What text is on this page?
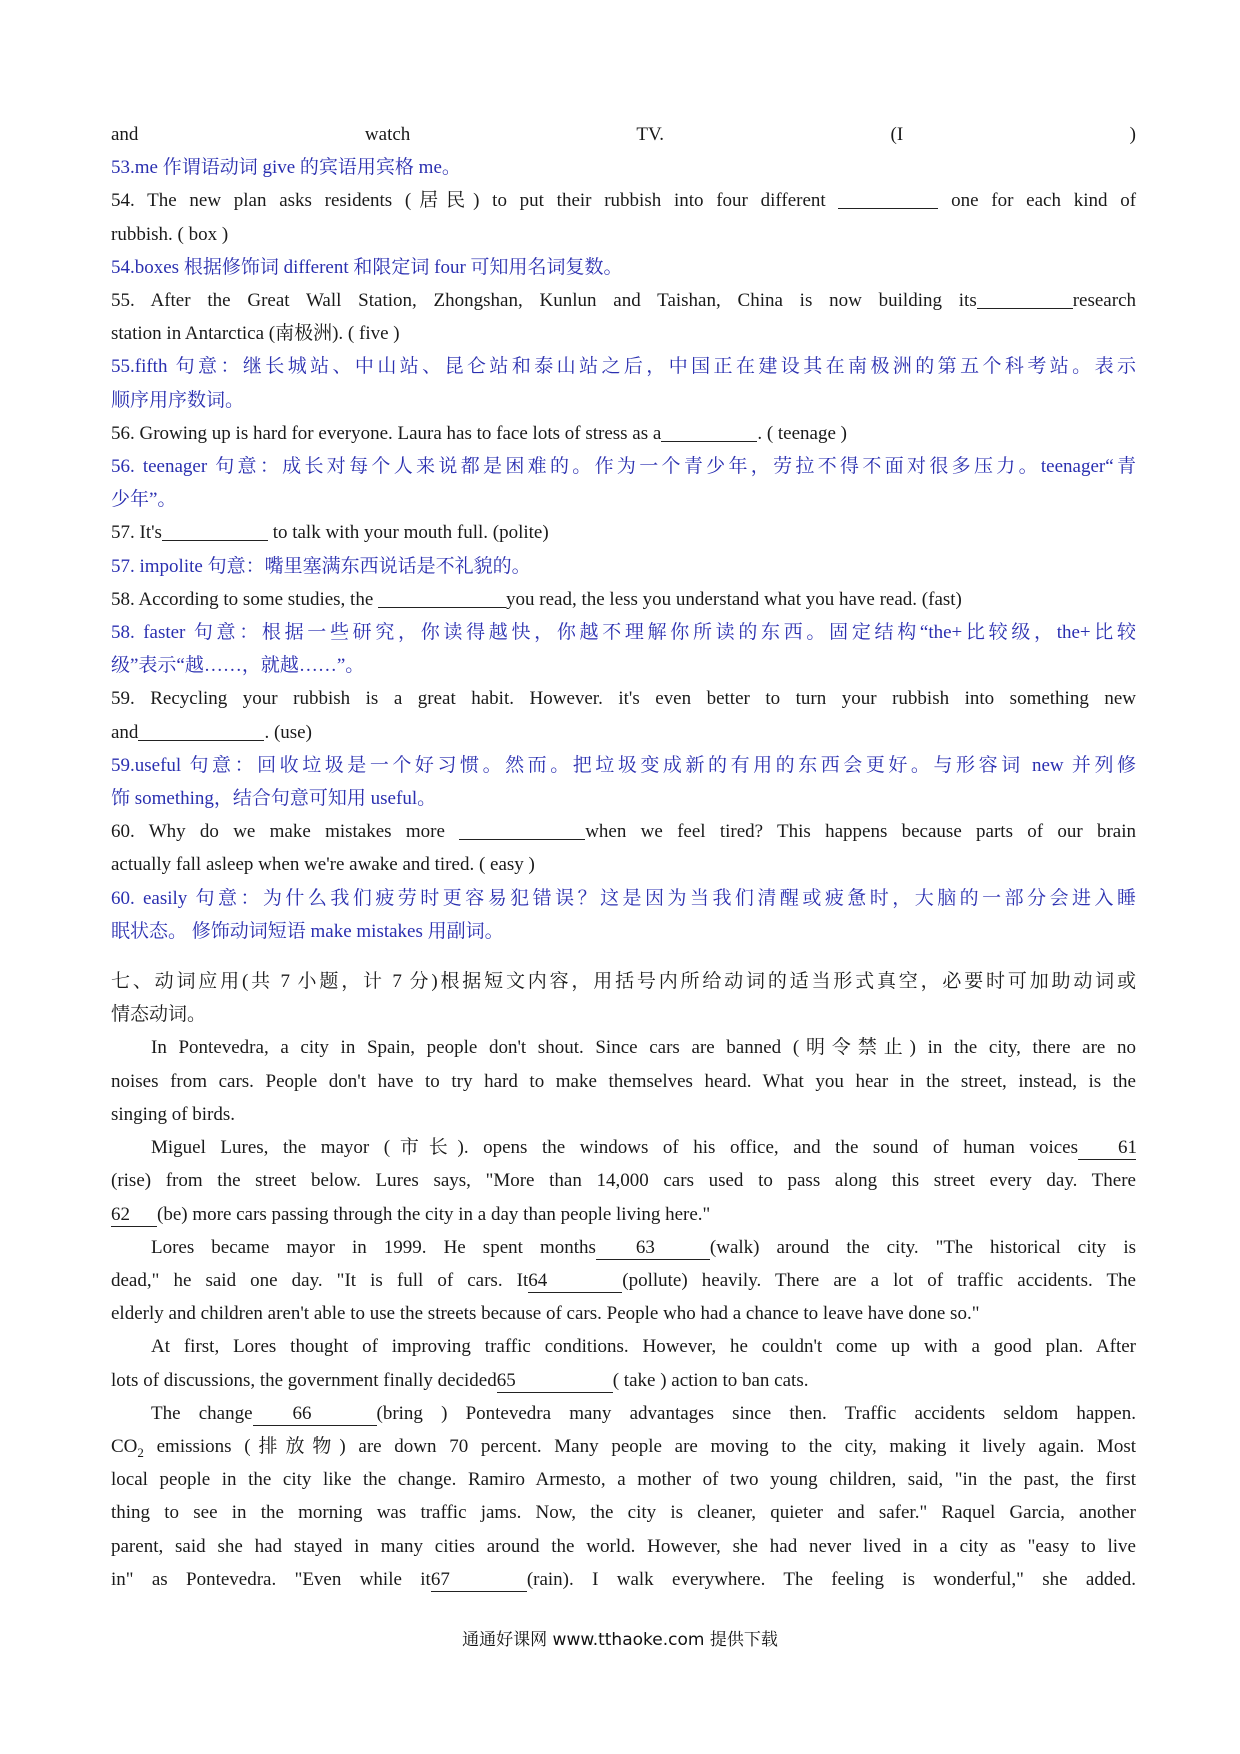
and watch TV. (I )
53.me 作谓语动词 give 的宾语用宾格 me。
54. The new plan asks residents (居民) to put their rubbish into four different	one for each kind of
rubbish. ( box )
54.boxes 根据修饰词 different 和限定词 four 可知用名词复数。
55. After the Great Wall Station, Zhongshan, Kunlun and Taishan, China is now building its	research
station in Antarctica (南极洲). ( five )
55.fifth 句意：继长城站、中山站、昆仑站和泰山站之后，中国正在建设其在南极洲的第五个科考站。表示
顺序用序数词。
56. Growing up is hard for everyone. Laura has to face lots of stress as a	. ( teenage )
56. teenager 句意：成长对每个人来说都是困难的。作为一个青少年，劳拉不得不面对很多压力。teenager“青
少年”。
57. It's	to talk with your mouth full. (polite)
57. impolite 句意：嘴里塞满东西说话是不礼貌的。
58. According to some studies, the	you read, the less you understand what you have read. (fast)
58. faster 句意：根据一些研究，你读得越快，你越不理解你所读的东西。固定结构“the+比较级，the+比较
级”表示“越……，就越……”。
59. Recycling your rubbish is a great habit. However. it's even better to turn your rubbish into something new
and	. (use)
59.useful 句意：回收垃圾是一个好习惯。然而。把垃圾变成新的有用的东西会更好。与形容词 new 并列修
饰 something，结合句意可知用 useful。
60. Why do we make mistakes more	when we feel tired? This happens because parts of our brain
actually fall asleep when we're awake and tired. ( easy )
60. easily 句意：为什么我们疲劳时更容易犯错误？这是因为当我们清醒或疲惫时，大脑的一部分会进入睡
眠状态。 修饰动词短语 make mistakes 用副词。
七、动词应用(共 7 小题，计 7 分)根据短文内容，用括号内所给动词的适当形式真空，必要时可加助动词或
情态动词。
In Pontevedra, a city in Spain, people don't shout. Since cars are banned (明令禁止) in the city, there are no
noises from cars. People don't have to try hard to make themselves heard. What you hear in the street, instead, is the
singing of birds.
Miguel Lures, the mayor (市长). opens the windows of his office, and the sound of human voices 61
(rise) from the street below. Lures says, "More than 14,000 cars used to pass along this street every day. There
62 (be) more cars passing through the city in a day than people living here."
Lores became mayor in 1999. He spent months 63	(walk) around the city. "The historical city is
dead," he said one day. "It is full of cars. It64	(pollute) heavily. There are a lot of traffic accidents. The
elderly and children aren't able to use the streets because of cars. People who had a chance to leave have done so."
At first, Lores thought of improving traffic conditions. However, he couldn't come up with a good plan. After
lots of discussions, the government finally decided65	( take ) action to ban cats.
The change 66	(bring ) Pontevedra many advantages since then. Traffic accidents seldom happen.
$CO_2$ emissions (排放物) are down 70 percent. Many people are moving to the city, making it lively again. Most
local people in the city like the change. Ramiro Armesto, a mother of two young children, said, "in the past, the first
thing to see in the morning was traffic jams. Now, the city is cleaner, quieter and safer." Raquel Garcia, another
parent, said she had stayed in many cities around the world. However, she had never lived in a city as "easy to live
in" as Pontevedra. "Even while it67	(rain). I walk everywhere. The feeling is wonderful," she added.
通通好课网 www.tthaoke.com 提供下载
